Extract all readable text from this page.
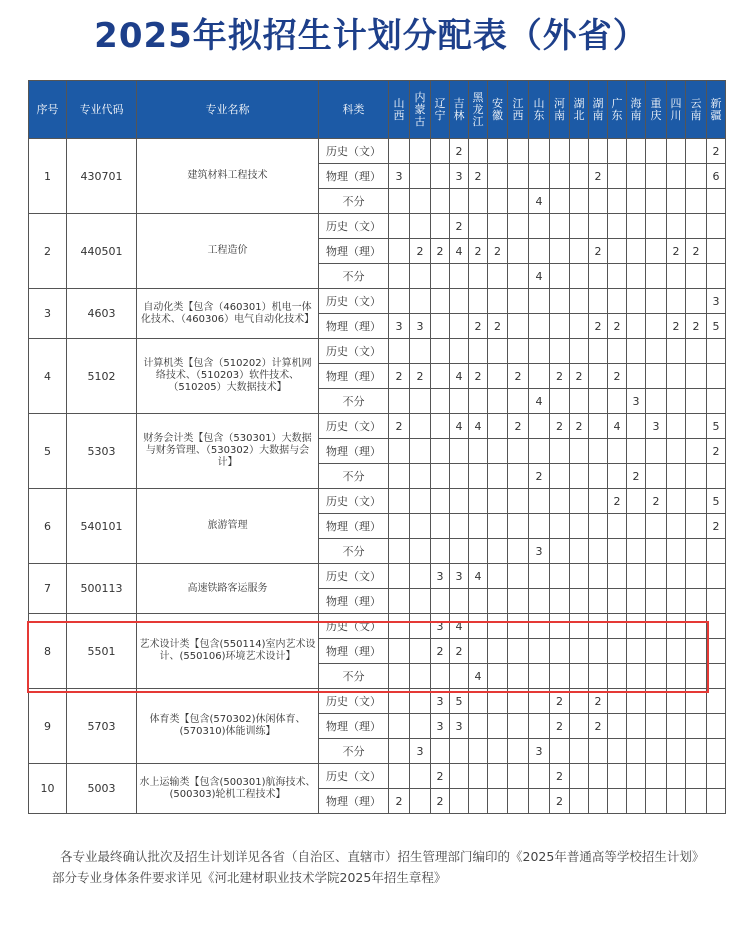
2025年拟招生计划分配表（外省）
序号	专业代码	专业名称	科类	山西	内蒙古	辽宁	吉林	黑龙江	安徽	江西	山东	河南	湖北	湖南	广东	海南	重庆	四川	云南	新疆

1	430701	建筑材料工程技术	历史（文）				2													2
			物理（理）	3			3	2						2						6
			不分								4									
2	440501	工程造价	历史（文）				2													
			物理（理）		2	2	4	2	2					2				2	2	
			不分								4									
3	4603	自动化类【包含（460301）机电一体化技术、（460306）电气自动化技术】	历史（文）																	3
			物理（理）	3	3			2	2					2	2			2	2	5
4	5102	计算机类【包含（510202）计算机网络技术、（510203）软件技术、（510205）大数据技术】	历史（文）																	
			物理（理）	2	2		4	2		2		2	2		2					
			不分								4					3				
5	5303	财务会计类【包含（530301）大数据与财务管理、（530302）大数据与会计】	历史（文）	2			4	4		2		2	2		4		3			5
			物理（理）																	2
			不分								2					2				
6	540101	旅游管理	历史（文）												2		2			5
			物理（理）																	2
			不分								3									
7	500113	高速铁路客运服务	历史（文）			3	3	4												
			物理（理）																	
8	5501	艺术设计类【包含(550114)室内艺术设计、(550106)环境艺术设计】	历史（文）			3	4													
			物理（理）			2	2													
			不分					4												
9	5703	体育类【包含(570302)休闲体育、(570310)体能训练】	历史（文）			3	5					2		2						
			物理（理）			3	3					2		2						
			不分		3						3									
10	5003	水上运输类【包含(500301)航海技术、(500303)轮机工程技术】	历史（文）			2						2								
			物理（理）	2		2						2								

各专业最终确认批次及招生计划详见各省（自治区、直辖市）招生管理部门编印的《2025年普通高等学校招生计划》

部分专业身体条件要求详见《河北建材职业技术学院2025年招生章程》
